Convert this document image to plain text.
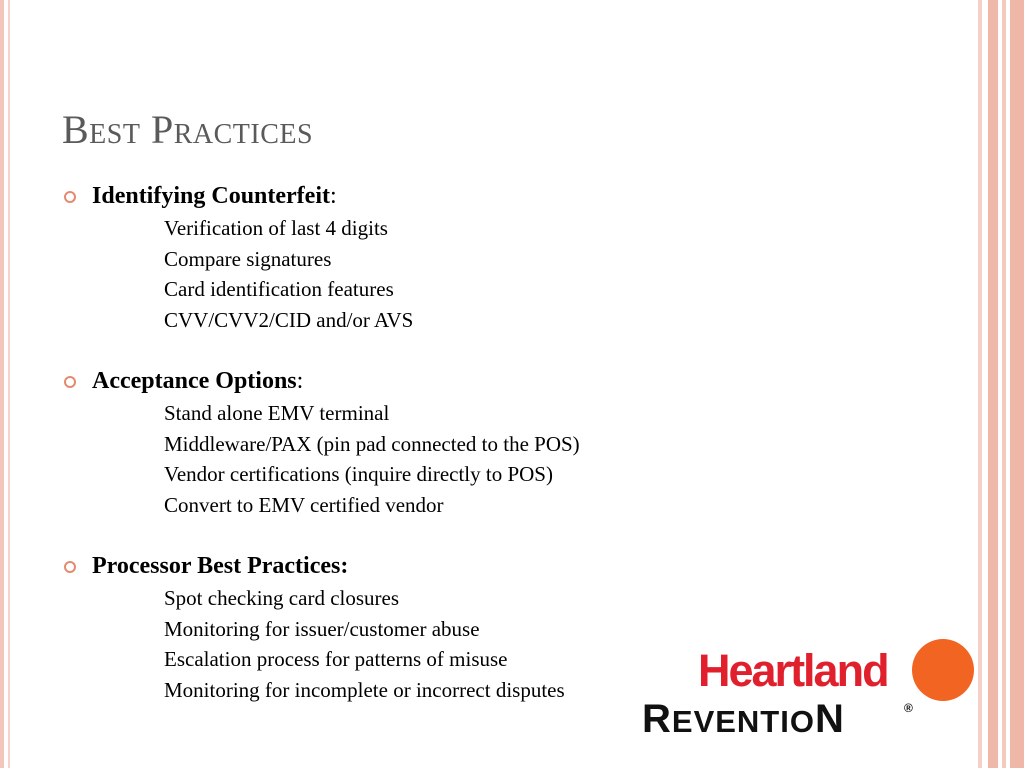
Best Practices
Identifying Counterfeit:
Verification of last 4 digits
Compare signatures
Card identification features
CVV/CVV2/CID and/or AVS
Acceptance Options:
Stand alone EMV terminal
Middleware/PAX (pin pad connected to the POS)
Vendor certifications (inquire directly to POS)
Convert to EMV certified vendor
Processor Best Practices:
Spot checking card closures
Monitoring for issuer/customer abuse
Escalation process for patterns of misuse
Monitoring for incomplete or incorrect disputes	Heartland
REVENTION	®
